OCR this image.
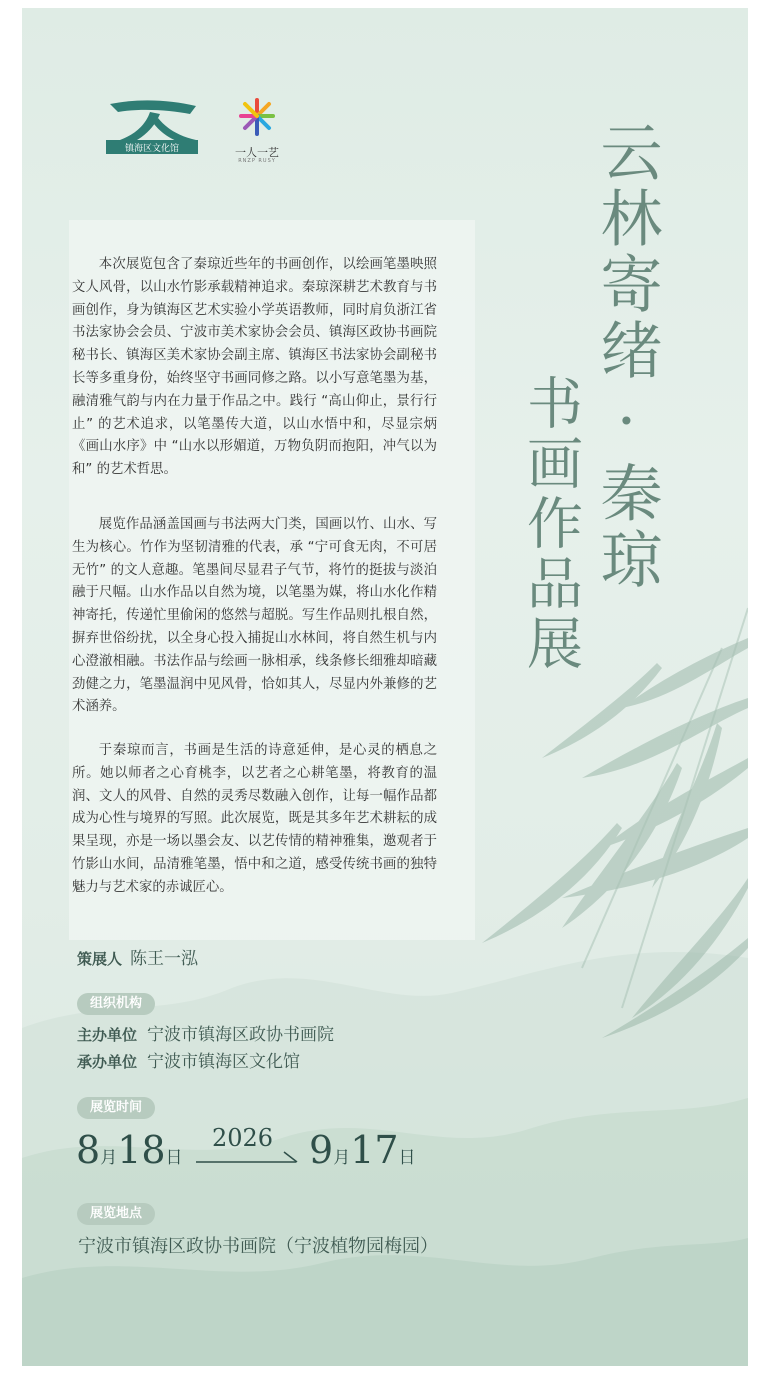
镇海区文化馆	一人一艺
RNZP RUSY	云林寄绪·秦琼
书画作品展

本次展览包含了秦琼近些年的书画创作，以绘画笔墨映照文人风骨，以山水竹影承载精神追求。秦琼深耕艺术教育与书画创作，身为镇海区艺术实验小学英语教师，同时肩负浙江省书法家协会会员、宁波市美术家协会会员、镇海区政协书画院秘书长、镇海区美术家协会副主席、镇海区书法家协会副秘书长等多重身份，始终坚守书画同修之路。以小写意笔墨为基，融清雅气韵与内在力量于作品之中。践行 “高山仰止，景行行止” 的艺术追求，以笔墨传大道，以山水悟中和，尽显宗炳《画山水序》中 “山水以形媚道，万物负阴而抱阳，冲气以为和” 的艺术哲思。

展览作品涵盖国画与书法两大门类，国画以竹、山水、写生为核心。竹作为坚韧清雅的代表，承 “宁可食无肉，不可居无竹” 的文人意趣。笔墨间尽显君子气节，将竹的挺拔与淡泊融于尺幅。山水作品以自然为境，以笔墨为媒，将山水化作精神寄托，传递忙里偷闲的悠然与超脱。写生作品则扎根自然，摒弃世俗纷扰，以全身心投入捕捉山水林间，将自然生机与内心澄澈相融。书法作品与绘画一脉相承，线条修长细雅却暗藏劲健之力，笔墨温润中见风骨，恰如其人，尽显内外兼修的艺术涵养。

于秦琼而言，书画是生活的诗意延伸，是心灵的栖息之所。她以师者之心育桃李，以艺者之心耕笔墨，将教育的温润、文人的风骨、自然的灵秀尽数融入创作，让每一幅作品都成为心性与境界的写照。此次展览，既是其多年艺术耕耘的成果呈现，亦是一场以墨会友、以艺传情的精神雅集，邀观者于竹影山水间，品清雅笔墨，悟中和之道，感受传统书画的独特魅力与艺术家的赤诚匠心。

策展人 陈王一泓
组织机构
主办单位 宁波市镇海区政协书画院
承办单位 宁波市镇海区文化馆
展览时间
8月18日
2026 9月17日
展览地点
宁波市镇海区政协书画院（宁波植物园梅园）
